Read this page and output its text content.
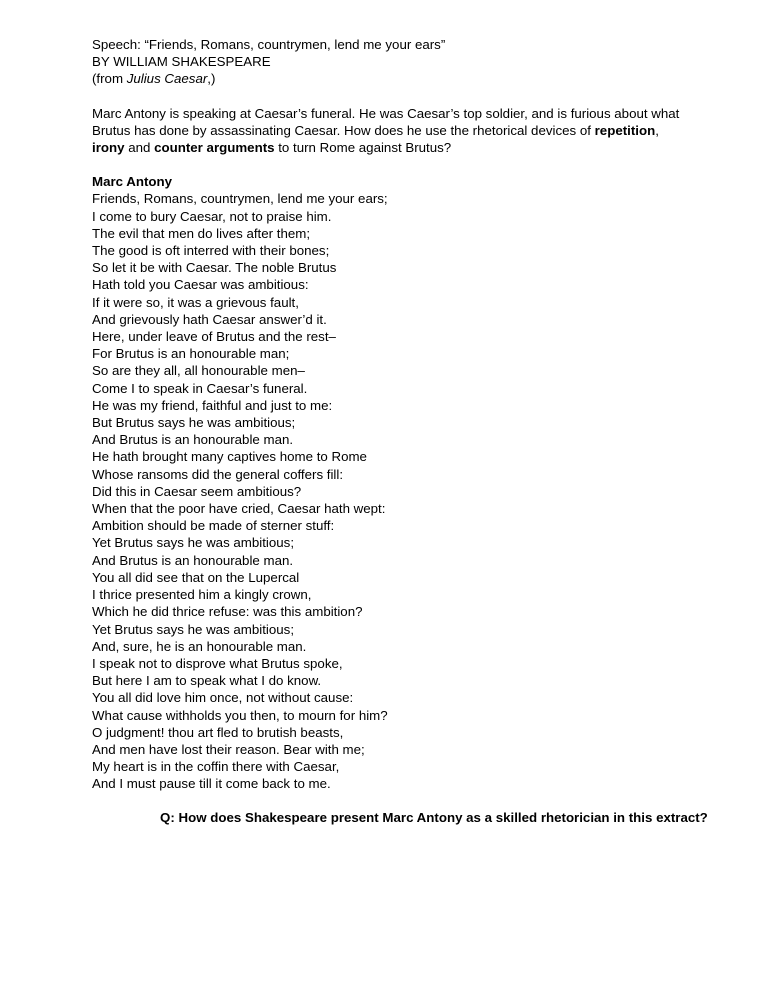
Speech: “Friends, Romans, countrymen, lend me your ears”
BY WILLIAM SHAKESPEARE
(from Julius Caesar,)
Marc Antony is speaking at Caesar’s funeral. He was Caesar’s top soldier, and is furious about what Brutus has done by assassinating Caesar. How does he use the rhetorical devices of repetition, irony and counter arguments to turn Rome against Brutus?
Marc Antony
Friends, Romans, countrymen, lend me your ears;
I come to bury Caesar, not to praise him.
The evil that men do lives after them;
The good is oft interred with their bones;
So let it be with Caesar. The noble Brutus
Hath told you Caesar was ambitious:
If it were so, it was a grievous fault,
And grievously hath Caesar answer’d it.
Here, under leave of Brutus and the rest–
For Brutus is an honourable man;
So are they all, all honourable men–
Come I to speak in Caesar’s funeral.
He was my friend, faithful and just to me:
But Brutus says he was ambitious;
And Brutus is an honourable man.
He hath brought many captives home to Rome
Whose ransoms did the general coffers fill:
Did this in Caesar seem ambitious?
When that the poor have cried, Caesar hath wept:
Ambition should be made of sterner stuff:
Yet Brutus says he was ambitious;
And Brutus is an honourable man.
You all did see that on the Lupercal
I thrice presented him a kingly crown,
Which he did thrice refuse: was this ambition?
Yet Brutus says he was ambitious;
And, sure, he is an honourable man.
I speak not to disprove what Brutus spoke,
But here I am to speak what I do know.
You all did love him once, not without cause:
What cause withholds you then, to mourn for him?
O judgment! thou art fled to brutish beasts,
And men have lost their reason. Bear with me;
My heart is in the coffin there with Caesar,
And I must pause till it come back to me.
Q: How does Shakespeare present Marc Antony as a skilled rhetorician in this extract?
